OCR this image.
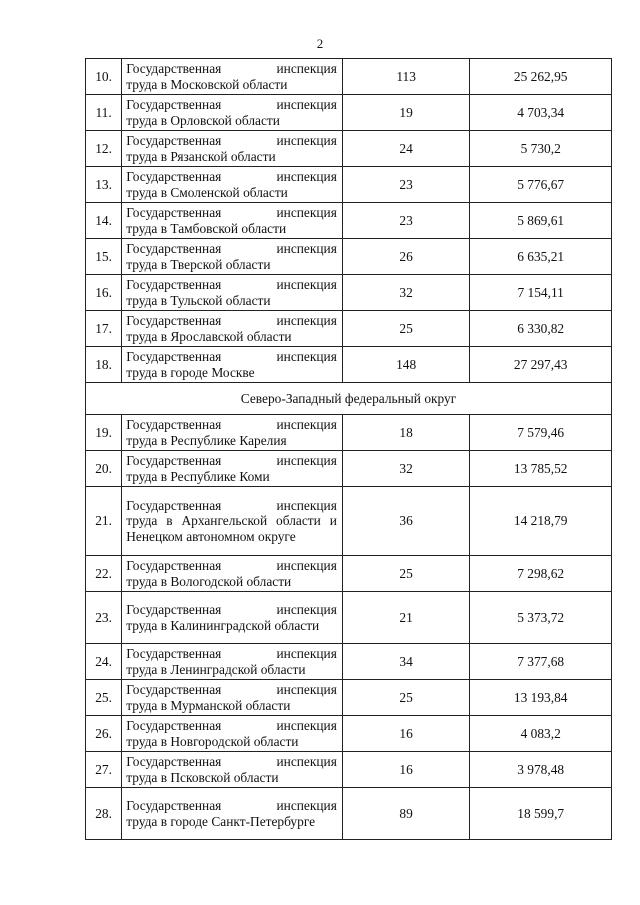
2
10.	Государственная инспекция
труда в Московской области	113	25 262,95
11.	Государственная инспекция
труда в Орловской области	19	4 703,34
12.	Государственная инспекция
труда в Рязанской области	24	5 730,2
13.	Государственная инспекция
труда в Смоленской области	23	5 776,67
14.	Государственная инспекция
труда в Тамбовской области	23	5 869,61
15.	Государственная инспекция
труда в Тверской области	26	6 635,21
16.	Государственная инспекция
труда в Тульской области	32	7 154,11
17.	Государственная инспекция
труда в Ярославской области	25	6 330,82
18.	Государственная инспекция
труда в городе Москве	148	27 297,43
Северо-Западный федеральный округ			
19.	Государственная инспекция
труда в Республике Карелия	18	7 579,46
20.	Государственная инспекция
труда в Республике Коми	32	13 785,52
21.	Государственная инспекция
труда в Архангельской области и Ненецком автономном округе	36	14 218,79
22.	Государственная инспекция
труда в Вологодской области	25	7 298,62
23.	Государственная инспекция
труда в Калининградской области	21	5 373,72
24.	Государственная инспекция
труда в Ленинградской области	34	7 377,68
25.	Государственная инспекция
труда в Мурманской области	25	13 193,84
26.	Государственная инспекция
труда в Новгородской области	16	4 083,2
27.	Государственная инспекция
труда в Псковской области	16	3 978,48
28.	Государственная инспекция
труда в городе Санкт-Петербурге	89	18 599,7
